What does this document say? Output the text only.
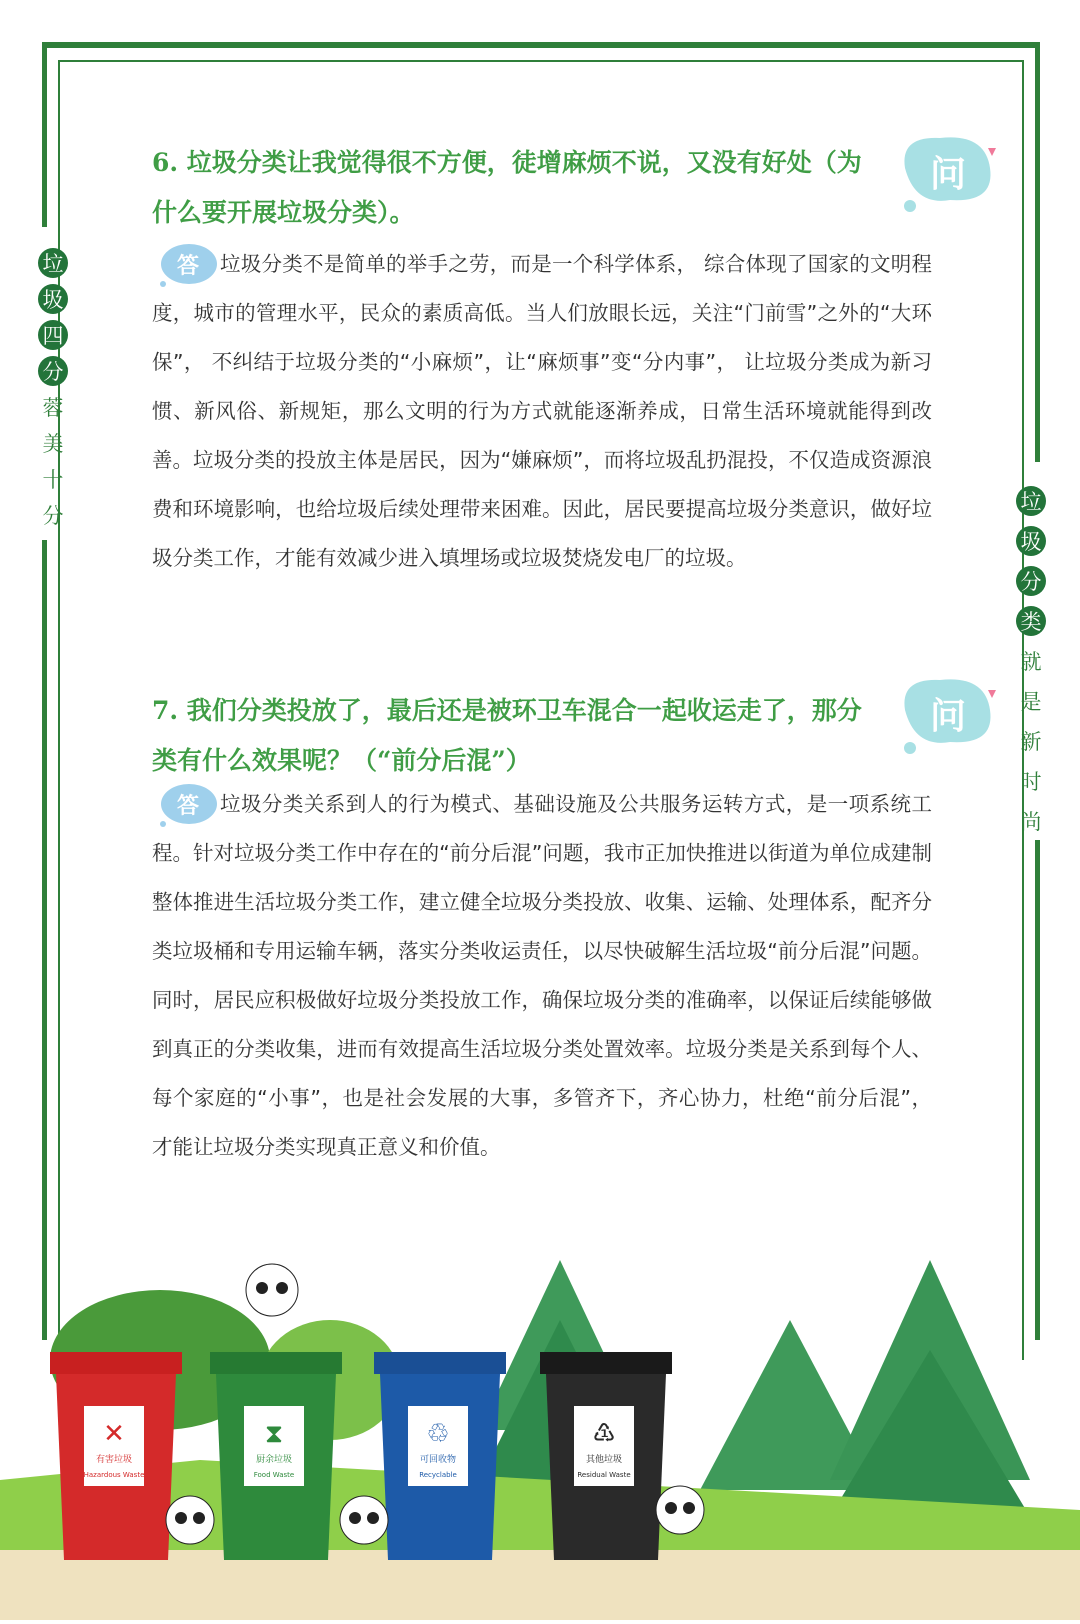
垃
圾
四
分
蓉
美
十
分
垃
圾
分
类
就
是
新
时
尚
问
6. 垃圾分类让我觉得很不方便，徒增麻烦不说，又没有好处（为什么要开展垃圾分类）。
答	垃圾分类不是简单的举手之劳，而是一个科学体系， 综合体现了国家的文明程度，城市的管理水平，民众的素质高低。当人们放眼长远，关注“门前雪”之外的“大环保”， 不纠结于垃圾分类的“小麻烦”，让“麻烦事”变“分内事”， 让垃圾分类成为新习惯、新风俗、新规矩，那么文明的行为方式就能逐渐养成，日常生活环境就能得到改善。垃圾分类的投放主体是居民，因为“嫌麻烦”，而将垃圾乱扔混投，不仅造成资源浪费和环境影响，也给垃圾后续处理带来困难。因此，居民要提高垃圾分类意识，做好垃圾分类工作，才能有效减少进入填埋场或垃圾焚烧发电厂的垃圾。
问
7. 我们分类投放了，最后还是被环卫车混合一起收运走了，那分类有什么效果呢？（“前分后混”）
答	垃圾分类关系到人的行为模式、基础设施及公共服务运转方式，是一项系统工程。针对垃圾分类工作中存在的“前分后混”问题，我市正加快推进以街道为单位成建制整体推进生活垃圾分类工作，建立健全垃圾分类投放、收集、运输、处理体系，配齐分类垃圾桶和专用运输车辆，落实分类收运责任，以尽快破解生活垃圾“前分后混”问题。同时，居民应积极做好垃圾分类投放工作，确保垃圾分类的准确率，以保证后续能够做到真正的分类收集，进而有效提高生活垃圾分类处置效率。垃圾分类是关系到每个人、每个家庭的“小事”，也是社会发展的大事，多管齐下，齐心协力，杜绝“前分后混”，才能让垃圾分类实现真正意义和价值。
✕
有害垃圾
Hazardous Waste
⧗
厨余垃圾
Food Waste
♲
可回收物
Recyclable
♳
其他垃圾
Residual Waste
